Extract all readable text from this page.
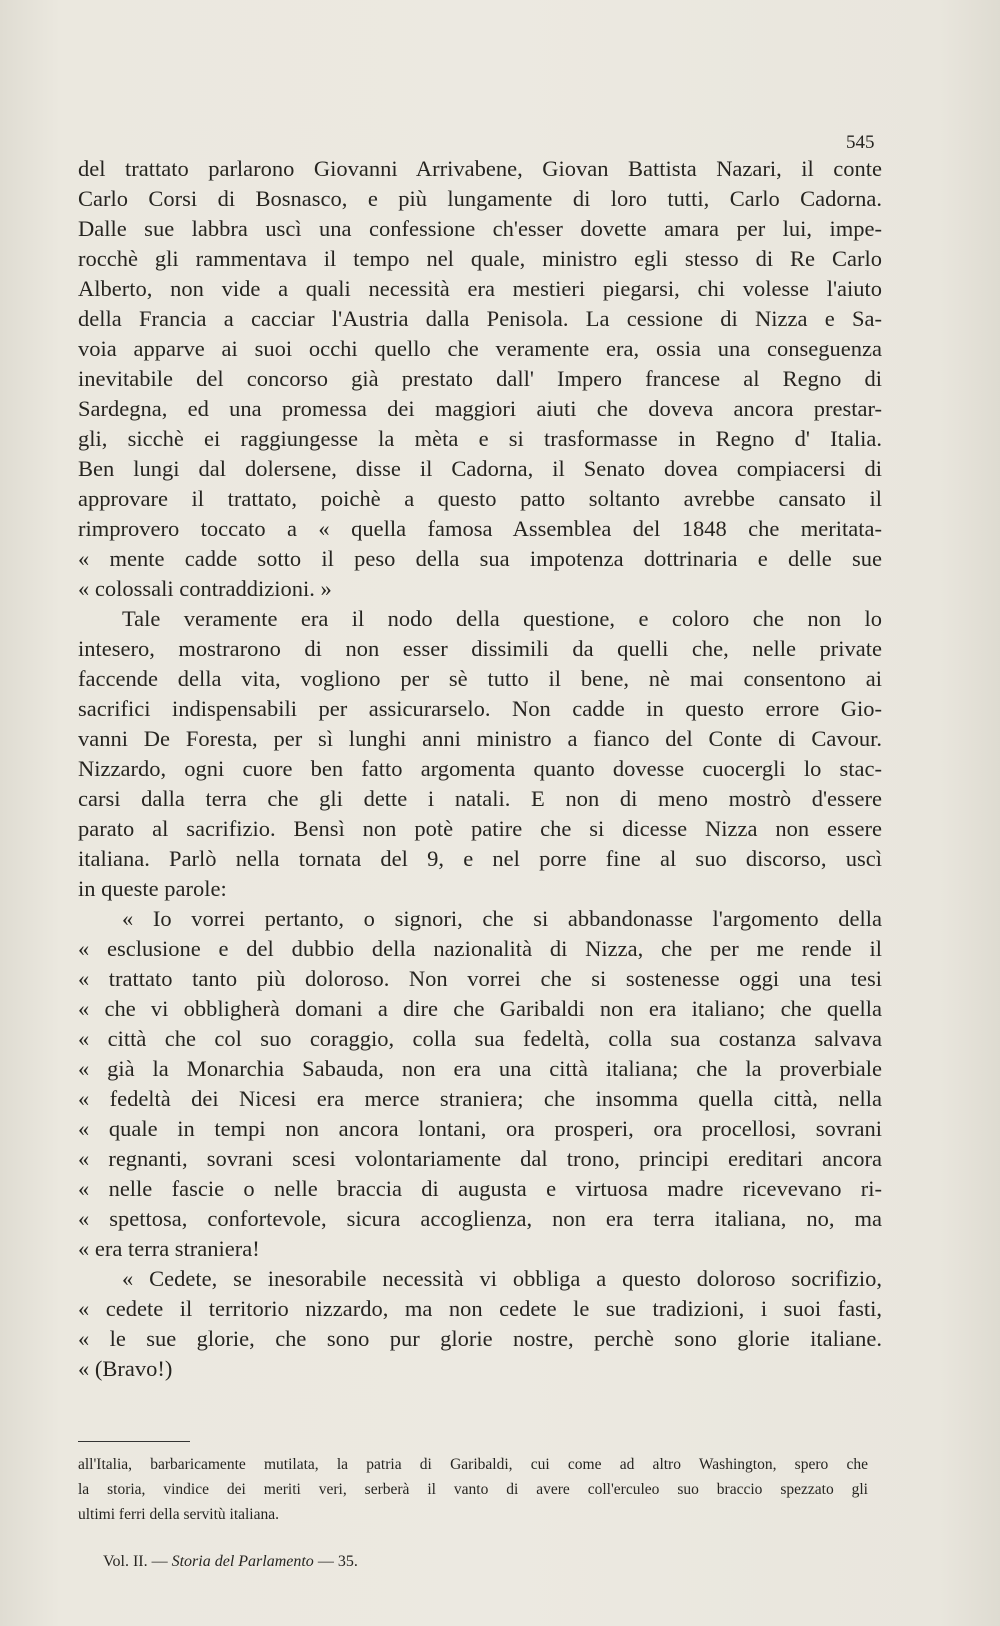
545
del trattato parlarono Giovanni Arrivabene, Giovan Battista Nazari, il conte
Carlo Corsi di Bosnasco, e più lungamente di loro tutti, Carlo Cadorna.
Dalle sue labbra uscì una confessione ch'esser dovette amara per lui, impe-
rocchè gli rammentava il tempo nel quale, ministro egli stesso di Re Carlo
Alberto, non vide a quali necessità era mestieri piegarsi, chi volesse l'aiuto
della Francia a cacciar l'Austria dalla Penisola. La cessione di Nizza e Sa-
voia apparve ai suoi occhi quello che veramente era, ossia una conseguenza
inevitabile del concorso già prestato dall' Impero francese al Regno di
Sardegna, ed una promessa dei maggiori aiuti che doveva ancora prestar-
gli, sicchè ei raggiungesse la mèta e si trasformasse in Regno d' Italia.
Ben lungi dal dolersene, disse il Cadorna, il Senato dovea compiacersi di
approvare il trattato, poichè a questo patto soltanto avrebbe cansato il
rimprovero toccato a « quella famosa Assemblea del 1848 che meritata-
« mente cadde sotto il peso della sua impotenza dottrinaria e delle sue
« colossali contraddizioni. »
Tale veramente era il nodo della questione, e coloro che non lo
intesero, mostrarono di non esser dissimili da quelli che, nelle private
faccende della vita, vogliono per sè tutto il bene, nè mai consentono ai
sacrifici indispensabili per assicurarselo. Non cadde in questo errore Gio-
vanni De Foresta, per sì lunghi anni ministro a fianco del Conte di Cavour.
Nizzardo, ogni cuore ben fatto argomenta quanto dovesse cuocergli lo stac-
carsi dalla terra che gli dette i natali. E non di meno mostrò d'essere
parato al sacrifizio. Bensì non potè patire che si dicesse Nizza non essere
italiana. Parlò nella tornata del 9, e nel porre fine al suo discorso, uscì
in queste parole:
« Io vorrei pertanto, o signori, che si abbandonasse l'argomento della
« esclusione e del dubbio della nazionalità di Nizza, che per me rende il
« trattato tanto più doloroso. Non vorrei che si sostenesse oggi una tesi
« che vi obbligherà domani a dire che Garibaldi non era italiano; che quella
« città che col suo coraggio, colla sua fedeltà, colla sua costanza salvava
« già la Monarchia Sabauda, non era una città italiana; che la proverbiale
« fedeltà dei Nicesi era merce straniera; che insomma quella città, nella
« quale in tempi non ancora lontani, ora prosperi, ora procellosi, sovrani
« regnanti, sovrani scesi volontariamente dal trono, principi ereditari ancora
« nelle fascie o nelle braccia di augusta e virtuosa madre ricevevano ri-
« spettosa, confortevole, sicura accoglienza, non era terra italiana, no, ma
« era terra straniera!
« Cedete, se inesorabile necessità vi obbliga a questo doloroso socrifizio,
« cedete il territorio nizzardo, ma non cedete le sue tradizioni, i suoi fasti,
« le sue glorie, che sono pur glorie nostre, perchè sono glorie italiane.
« (Bravo!)
all'Italia, barbaricamente mutilata, la patria di Garibaldi, cui come ad altro Washington, spero che
la storia, vindice dei meriti veri, serberà il vanto di avere coll'erculeo suo braccio spezzato gli
ultimi ferri della servitù italiana.
Vol. II. — Storia del Parlamento — 35.
